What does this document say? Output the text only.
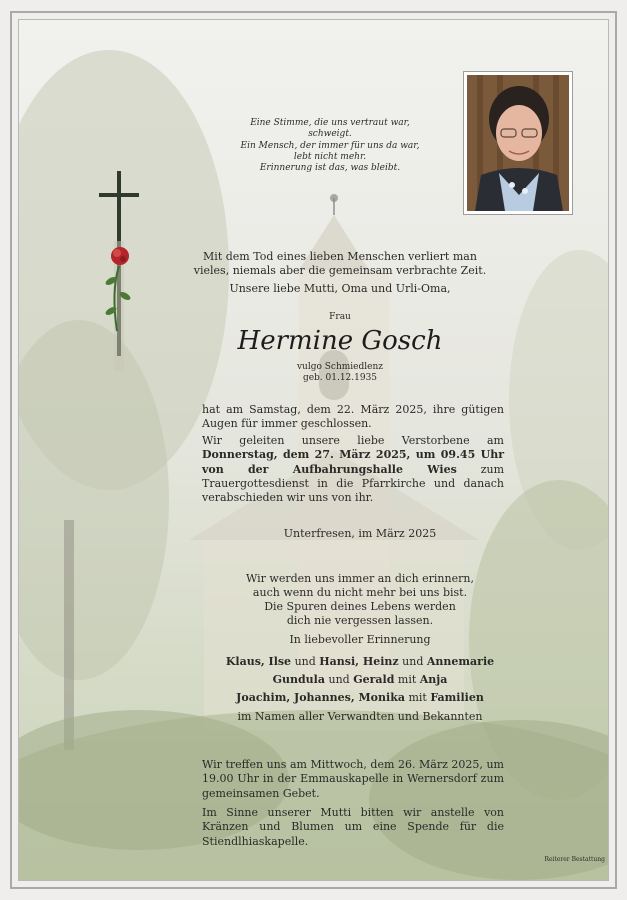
Eine Stimme, die uns vertraut war,
schweigt.
Ein Mensch, der immer für uns da war,
lebt nicht mehr.
Erinnerung ist das, was bleibt.
Mit dem Tod eines lieben Menschen verliert man
vieles, niemals aber die gemeinsam verbrachte Zeit.
Unsere liebe Mutti, Oma und Urli-Oma,
Frau
Hermine Gosch
vulgo Schmiedlenz
geb. 01.12.1935
hat am Samstag, dem 22. März 2025, ihre gütigen Augen für immer geschlossen.
Wir geleiten unsere liebe Verstorbene am Donnerstag, dem 27. März 2025, um 09.45 Uhr von der Aufbahrungshalle Wies zum Trauergottesdienst in die Pfarrkirche und danach verabschieden wir uns von ihr.
Unterfresen, im März 2025
Wir werden uns immer an dich erinnern,
auch wenn du nicht mehr bei uns bist.
Die Spuren deines Lebens werden
dich nie vergessen lassen.
In liebevoller Erinnerung
Klaus, Ilse und Hansi, Heinz und Annemarie
Gundula und Gerald mit Anja
Joachim, Johannes, Monika mit Familien
im Namen aller Verwandten und Bekannten
Wir treffen uns am Mittwoch, dem 26. März 2025, um 19.00 Uhr in der Emmauskapelle in Wernersdorf zum gemeinsamen Gebet.
Im Sinne unserer Mutti bitten wir anstelle von Kränzen und Blumen um eine Spende für die Stiendlhiaskapelle.
Reiterer Bestattung
